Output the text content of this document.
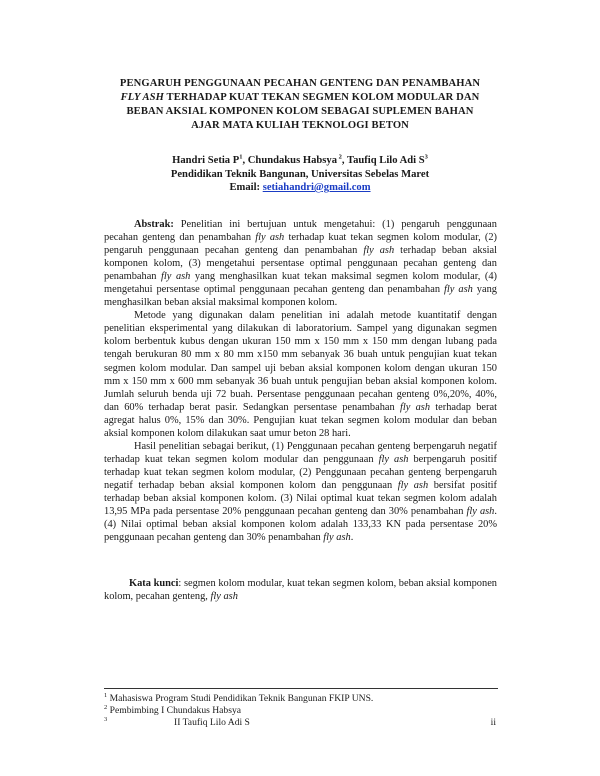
PENGARUH PENGGUNAAN PECAHAN GENTENG DAN PENAMBAHAN
FLY ASH TERHADAP KUAT TEKAN SEGMEN KOLOM MODULAR DAN
BEBAN AKSIAL KOMPONEN KOLOM SEBAGAI SUPLEMEN BAHAN
AJAR MATA KULIAH TEKNOLOGI BETON
Handri Setia $P^1$, Chundakus Habsya $^2$, Taufiq Lilo Adi $S^3$
Pendidikan Teknik Bangunan, Universitas Sebelas Maret
Email: setiahandri@gmail.com

Abstrak: Penelitian ini bertujuan untuk mengetahui: (1) pengaruh penggunaan pecahan genteng dan penambahan fly ash terhadap kuat tekan segmen kolom modular, (2) pengaruh penggunaan pecahan genteng dan penambahan fly ash terhadap beban aksial komponen kolom, (3) mengetahui persentase optimal penggunaan pecahan genteng dan penambahan fly ash yang menghasilkan kuat tekan maksimal segmen kolom modular, (4) mengetahui persentase optimal penggunaan pecahan genteng dan penambahan fly ash yang menghasilkan beban aksial maksimal komponen kolom.

Metode yang digunakan dalam penelitian ini adalah metode kuantitatif dengan penelitian eksperimental yang dilakukan di laboratorium. Sampel yang digunakan segmen kolom berbentuk kubus dengan ukuran 150 mm x 150 mm x 150 mm dengan lubang pada tengah berukuran 80 mm x 80 mm x150 mm sebanyak 36 buah untuk pengujian kuat tekan segmen kolom modular. Dan sampel uji beban aksial komponen kolom dengan ukuran 150 mm x 150 mm x 600 mm sebanyak 36 buah untuk pengujian beban aksial komponen kolom. Jumlah seluruh benda uji 72 buah. Persentase penggunaan pecahan genteng 0%,20%, 40%, dan 60% terhadap berat pasir. Sedangkan persentase penambahan fly ash terhadap berat agregat halus 0%, 15% dan 30%. Pengujian kuat tekan segmen kolom modular dan beban aksial komponen kolom dilakukan saat umur beton 28 hari.

Hasil penelitian sebagai berikut, (1) Penggunaan pecahan genteng berpengaruh negatif terhadap kuat tekan segmen kolom modular dan penggunaan fly ash berpengaruh positif terhadap kuat tekan segmen kolom modular, (2) Penggunaan pecahan genteng berpengaruh negatif terhadap beban aksial komponen kolom dan penggunaan fly ash bersifat positif terhadap beban aksial komponen kolom. (3) Nilai optimal kuat tekan segmen kolom adalah 13,95 MPa pada persentase 20% penggunaan pecahan genteng dan 30% penambahan fly ash. (4) Nilai optimal beban aksial komponen kolom adalah 133,33 KN pada persentase 20% penggunaan pecahan genteng dan 30% penambahan fly ash.

Kata kunci: segmen kolom modular, kuat tekan segmen kolom, beban aksial komponen kolom, pecahan genteng, fly ash

$^1$ Mahasiswa Program Studi Pendidikan Teknik Bangunan FKIP UNS.
$^2$ Pembimbing I Chundakus Habsya
$^3$	II Taufiq Lilo Adi S	ii
